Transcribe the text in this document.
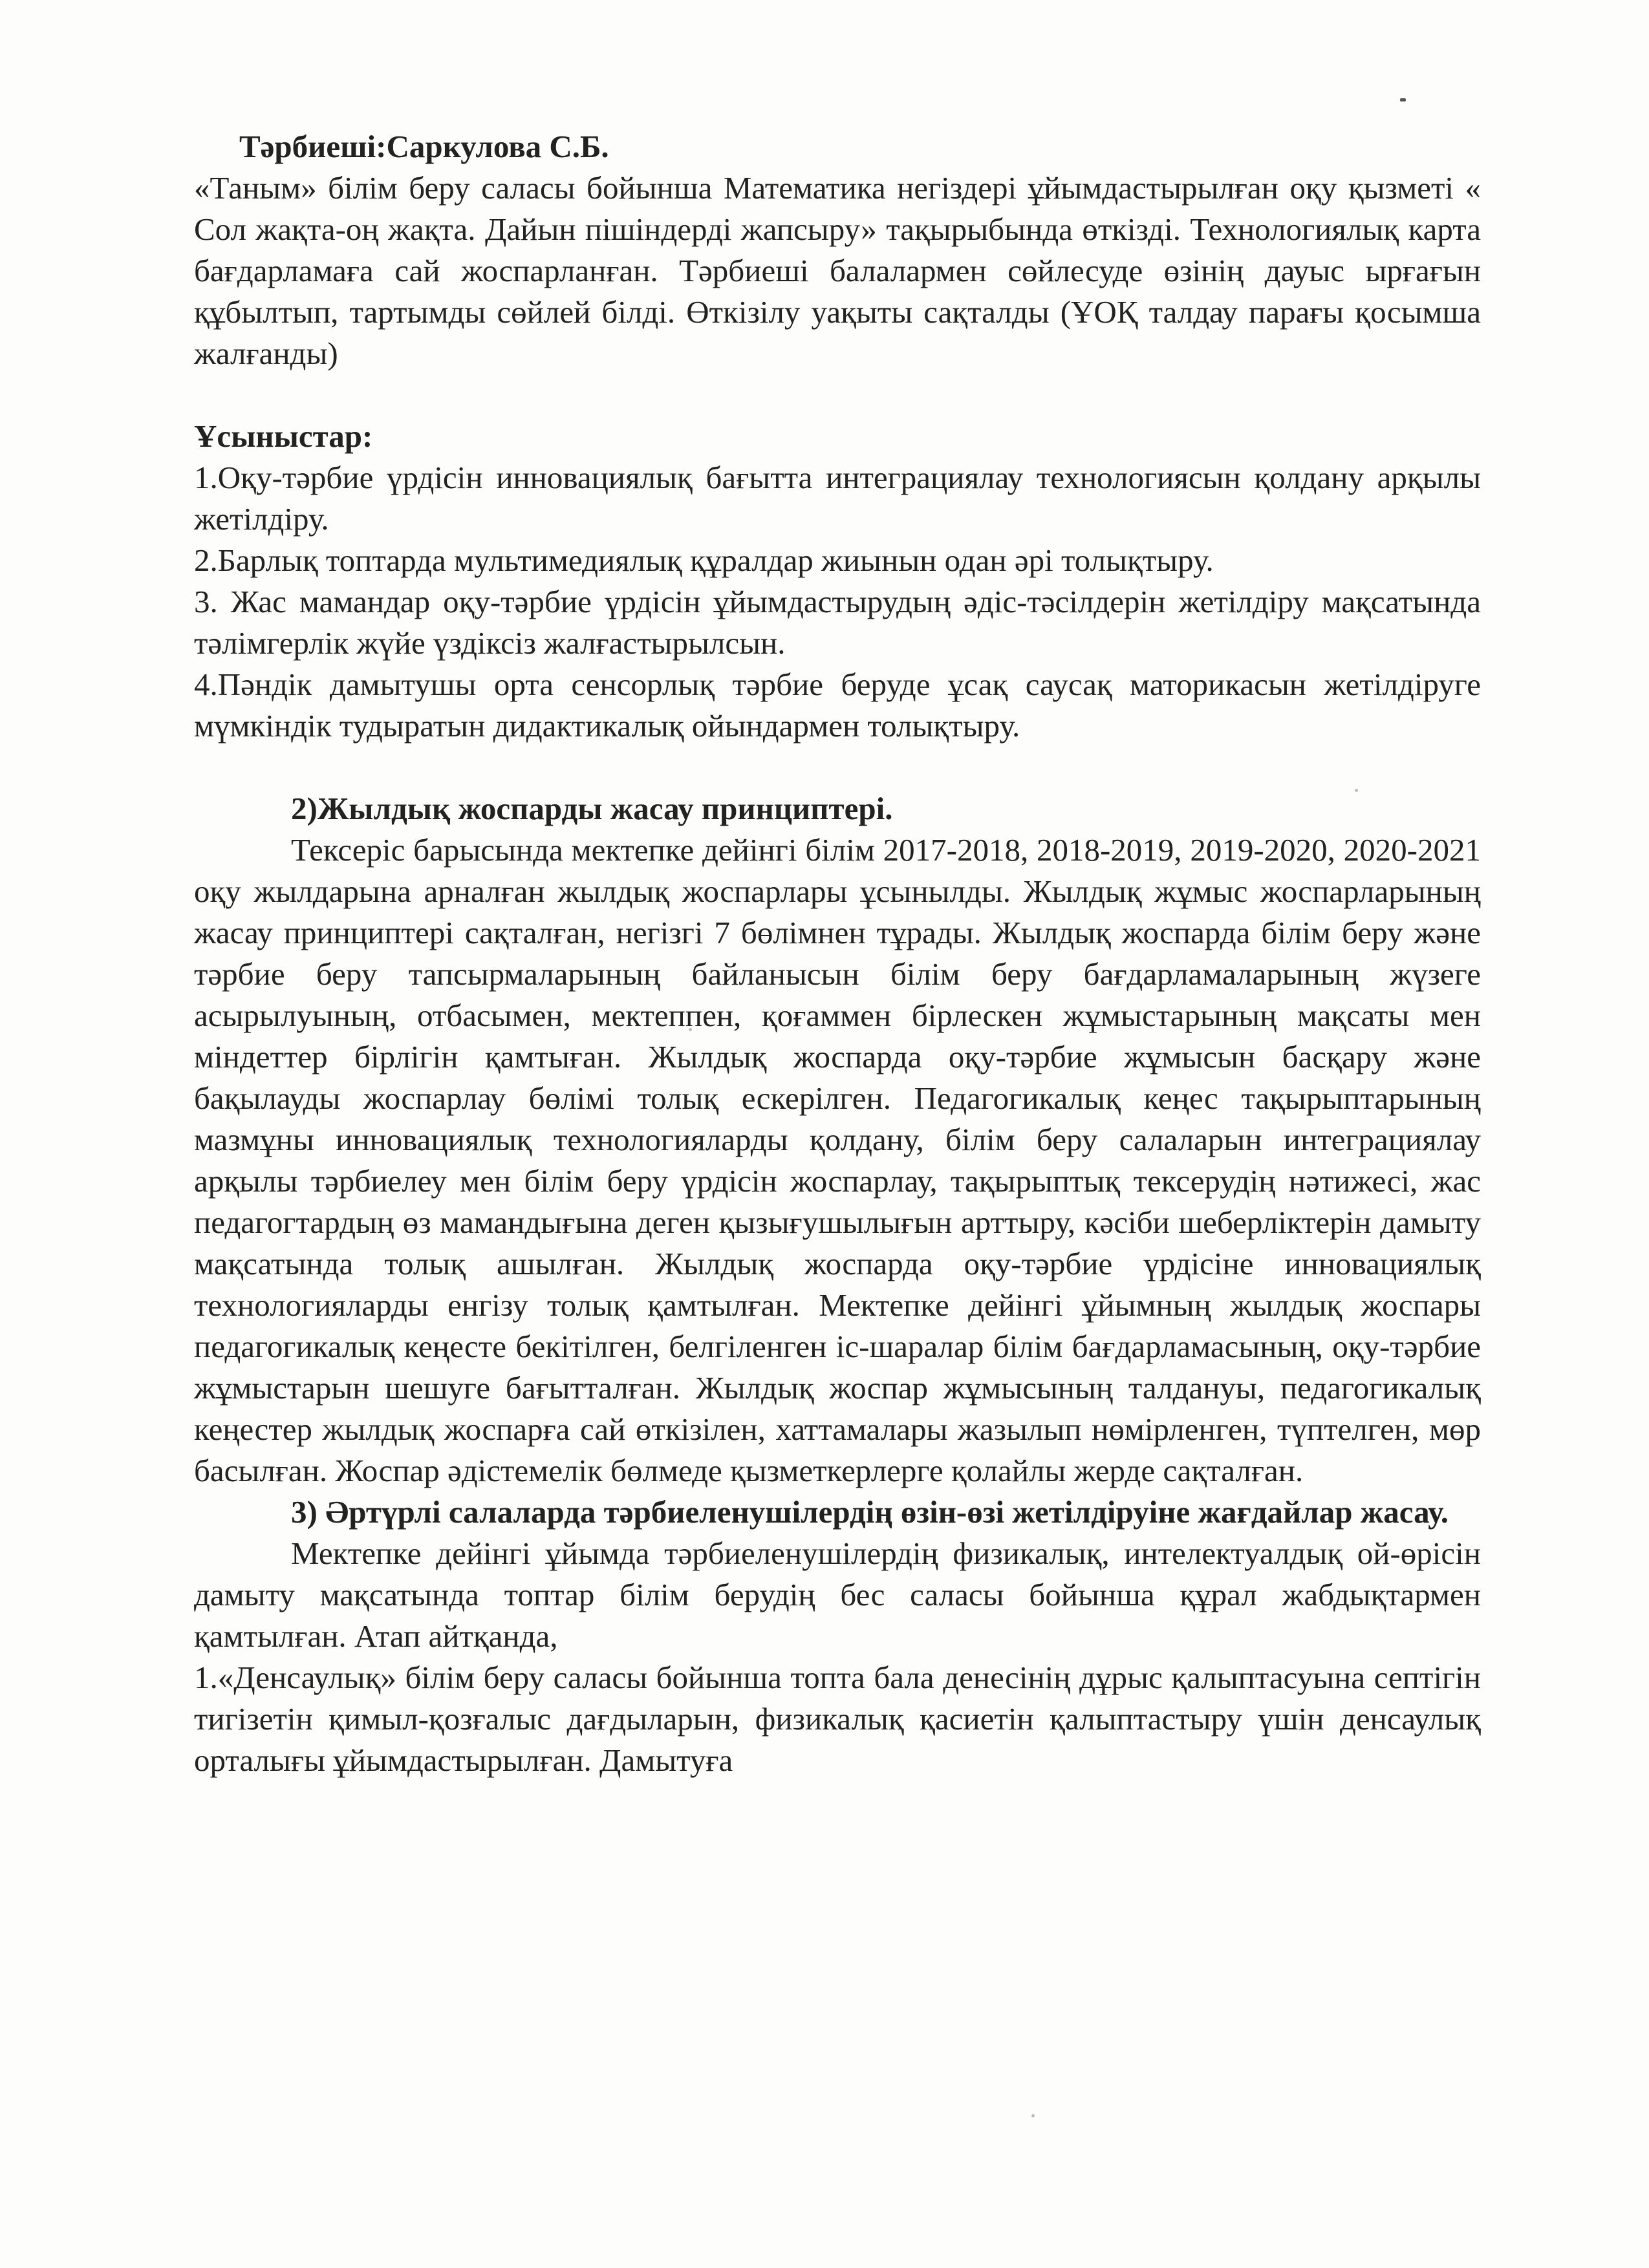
Тәрбиеші:Саркулова С.Б.

«Таным» білім беру саласы бойынша Математика негіздері ұйымдастырылған оқу қызметі « Сол жақта-оң жақта. Дайын пішіндерді жапсыру» тақырыбында өткізді. Технологиялық карта бағдарламаға сай жоспарланған. Тәрбиеші балалармен сөйлесуде өзінің дауыс ырғағын құбылтып, тартымды сөйлей білді. Өткізілу уақыты сақталды (ҰОҚ талдау парағы қосымша жалғанды)

Ұсыныстар:

1.Оқу-тәрбие үрдісін инновациялық бағытта интеграциялау технологиясын қолдану арқылы жетілдіру.

2.Барлық топтарда мультимедиялық құралдар жиынын одан әрі толықтыру.

3. Жас мамандар оқу-тәрбие үрдісін ұйымдастырудың әдіс-тәсілдерін жетілдіру мақсатында тәлімгерлік жүйе үздіксіз жалғастырылсын.

4.Пәндік дамытушы орта сенсорлық тәрбие беруде ұсақ саусақ маторикасын жетілдіруге мүмкіндік тудыратын дидактикалық ойындармен толықтыру.

2)Жылдық жоспарды жасау принциптері.

Тексеріс барысында мектепке дейінгі білім 2017-2018, 2018-2019, 2019-2020, 2020-2021 оқу жылдарына арналған жылдық жоспарлары ұсынылды. Жылдық жұмыс жоспарларының жасау принциптері сақталған, негізгі 7 бөлімнен тұрады. Жылдық жоспарда білім беру және тәрбие беру тапсырмаларының байланысын білім беру бағдарламаларының жүзеге асырылуының, отбасымен, мектеппен, қоғаммен бірлескен жұмыстарының мақсаты мен міндеттер бірлігін қамтыған. Жылдық жоспарда оқу-тәрбие жұмысын басқару және бақылауды жоспарлау бөлімі толық ескерілген. Педагогикалық кеңес тақырыптарының мазмұны инновациялық технологияларды қолдану, білім беру салаларын интеграциялау арқылы тәрбиелеу мен білім беру үрдісін жоспарлау, тақырыптық тексерудің нәтижесі, жас педагогтардың өз мамандығына деген қызығушылығын арттыру, кәсіби шеберліктерін дамыту мақсатында толық ашылған. Жылдық жоспарда оқу-тәрбие үрдісіне инновациялық технологияларды енгізу толық қамтылған. Мектепке дейінгі ұйымның жылдық жоспары педагогикалық кеңесте бекітілген, белгіленген іс-шаралар білім бағдарламасының, оқу-тәрбие жұмыстарын шешуге бағытталған. Жылдық жоспар жұмысының талдануы, педагогикалық кеңестер жылдық жоспарға сай өткізілен, хаттамалары жазылып нөмірленген, түптелген, мөр басылған. Жоспар әдістемелік бөлмеде қызметкерлерге қолайлы жерде сақталған.

3) Әртүрлі салаларда тәрбиеленушілердің өзін-өзі жетілдіруіне жағдайлар жасау.

Мектепке дейінгі ұйымда тәрбиеленушілердің физикалық, интелектуалдық ой-өрісін дамыту мақсатында топтар білім берудің бес саласы бойынша құрал жабдықтармен қамтылған. Атап айтқанда,

1.«Денсаулық» білім беру саласы бойынша топта бала денесінің дұрыс қалыптасуына септігін тигізетін қимыл-қозғалыс дағдыларын, физикалық қасиетін қалыптастыру үшін денсаулық орталығы ұйымдастырылған. Дамытуға
